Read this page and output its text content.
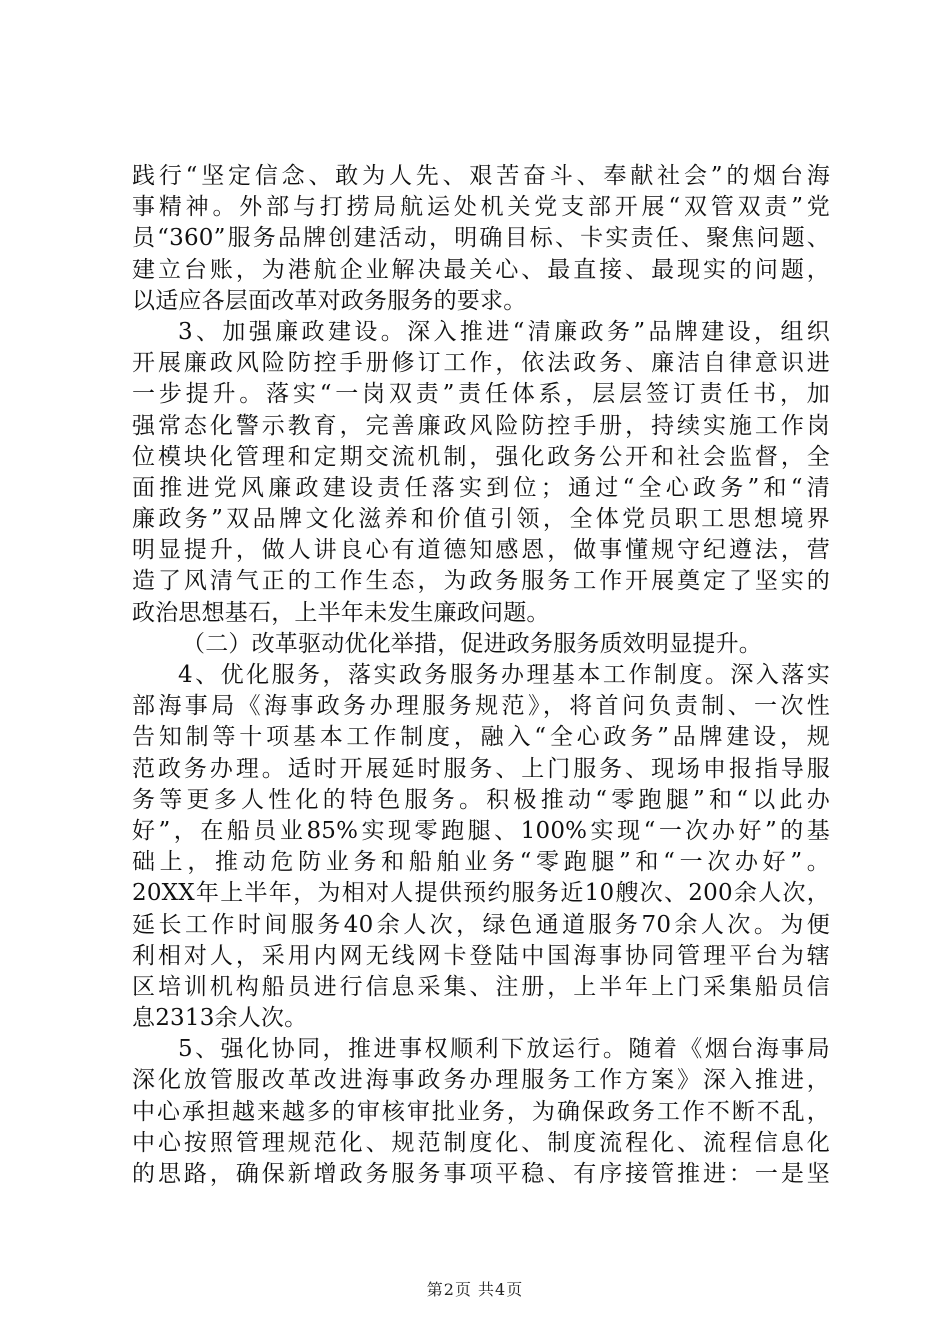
践行“坚定信念、敢为人先、艰苦奋斗、奉献社会”的烟台海
事精神。外部与打捞局航运处机关党支部开展“双管双责”党
员“360”服务品牌创建活动，明确目标、卡实责任、聚焦问题、
建立台账，为港航企业解决最关心、最直接、最现实的问题，
以适应各层面改革对政务服务的要求。
3、加强廉政建设。深入推进“清廉政务”品牌建设，组织
开展廉政风险防控手册修订工作，依法政务、廉洁自律意识进
一步提升。落实“一岗双责”责任体系，层层签订责任书，加
强常态化警示教育，完善廉政风险防控手册，持续实施工作岗
位模块化管理和定期交流机制，强化政务公开和社会监督，全
面推进党风廉政建设责任落实到位；通过“全心政务”和“清
廉政务”双品牌文化滋养和价值引领，全体党员职工思想境界
明显提升，做人讲良心有道德知感恩，做事懂规守纪遵法，营
造了风清气正的工作生态，为政务服务工作开展奠定了坚实的
政治思想基石，上半年未发生廉政问题。
（二）改革驱动优化举措，促进政务服务质效明显提升。
4、优化服务，落实政务服务办理基本工作制度。深入落实
部海事局《海事政务办理服务规范》，将首问负责制、一次性
告知制等十项基本工作制度，融入“全心政务”品牌建设，规
范政务办理。适时开展延时服务、上门服务、现场申报指导服
务等更多人性化的特色服务。积极推动“零跑腿”和“以此办
好”，在船员业85%实现零跑腿、100%实现“一次办好”的基
础上，推动危防业务和船舶业务“零跑腿”和“一次办好”。
20XX年上半年，为相对人提供预约服务近10艘次、200余人次，
延长工作时间服务40余人次，绿色通道服务70余人次。为便
利相对人，采用内网无线网卡登陆中国海事协同管理平台为辖
区培训机构船员进行信息采集、注册，上半年上门采集船员信
息2313余人次。
5、强化协同，推进事权顺利下放运行。随着《烟台海事局
深化放管服改革改进海事政务办理服务工作方案》深入推进，
中心承担越来越多的审核审批业务，为确保政务工作不断不乱，
中心按照管理规范化、规范制度化、制度流程化、流程信息化
的思路，确保新增政务服务事项平稳、有序接管推进：一是坚
第2页 共4页
